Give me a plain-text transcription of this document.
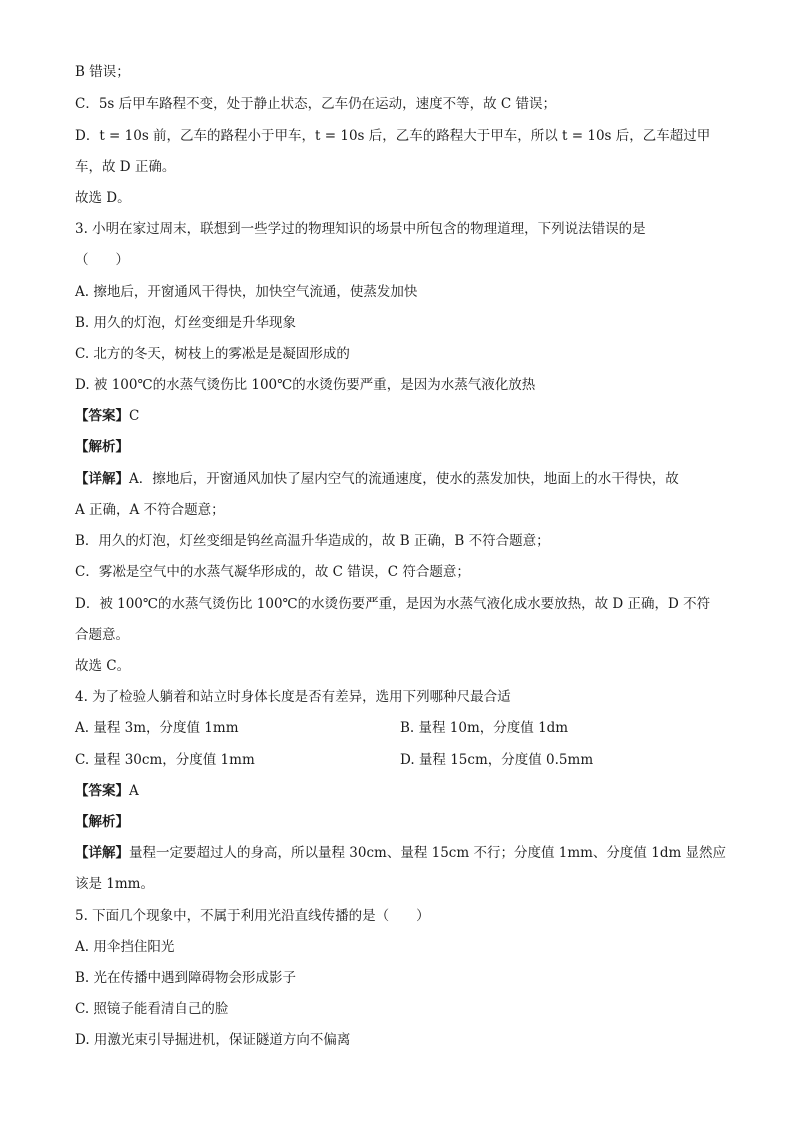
B 错误；
C．5s 后甲车路程不变，处于静止状态，乙车仍在运动，速度不等，故 C 错误；
D．t = 10s 前，乙车的路程小于甲车，t = 10s 后，乙车的路程大于甲车，所以 t = 10s 后，乙车超过甲
车，故 D 正确。
故选 D。
3. 小明在家过周末，联想到一些学过的物理知识的场景中所包含的物理道理，下列说法错误的是
（　　）
A. 擦地后，开窗通风干得快，加快空气流通，使蒸发加快
B. 用久的灯泡，灯丝变细是升华现象
C. 北方的冬天，树枝上的雾凇是是凝固形成的
D. 被 100℃的水蒸气烫伤比 100℃的水烫伤要严重，是因为水蒸气液化放热
【答案】C
【解析】
【详解】A．擦地后，开窗通风加快了屋内空气的流通速度，使水的蒸发加快，地面上的水干得快，故
A 正确，A 不符合题意；
B．用久的灯泡，灯丝变细是钨丝高温升华造成的，故 B 正确，B 不符合题意；
C．雾凇是空气中的水蒸气凝华形成的，故 C 错误，C 符合题意；
D．被 100℃的水蒸气烫伤比 100℃的水烫伤要严重，是因为水蒸气液化成水要放热，故 D 正确，D 不符
合题意。
故选 C。
4. 为了检验人躺着和站立时身体长度是否有差异，选用下列哪种尺最合适
A. 量程 3m，分度值 1mm	B. 量程 10m，分度值 1dm
C. 量程 30cm，分度值 1mm	D. 量程 15cm，分度值 0.5mm
【答案】A
【解析】
【详解】量程一定要超过人的身高，所以量程 30cm、量程 15cm 不行；分度值 1mm、分度值 1dm 显然应
该是 1mm。
5. 下面几个现象中，不属于利用光沿直线传播的是（　　）
A. 用伞挡住阳光
B. 光在传播中遇到障碍物会形成影子
C. 照镜子能看清自己的脸
D. 用激光束引导掘进机，保证隧道方向不偏离
